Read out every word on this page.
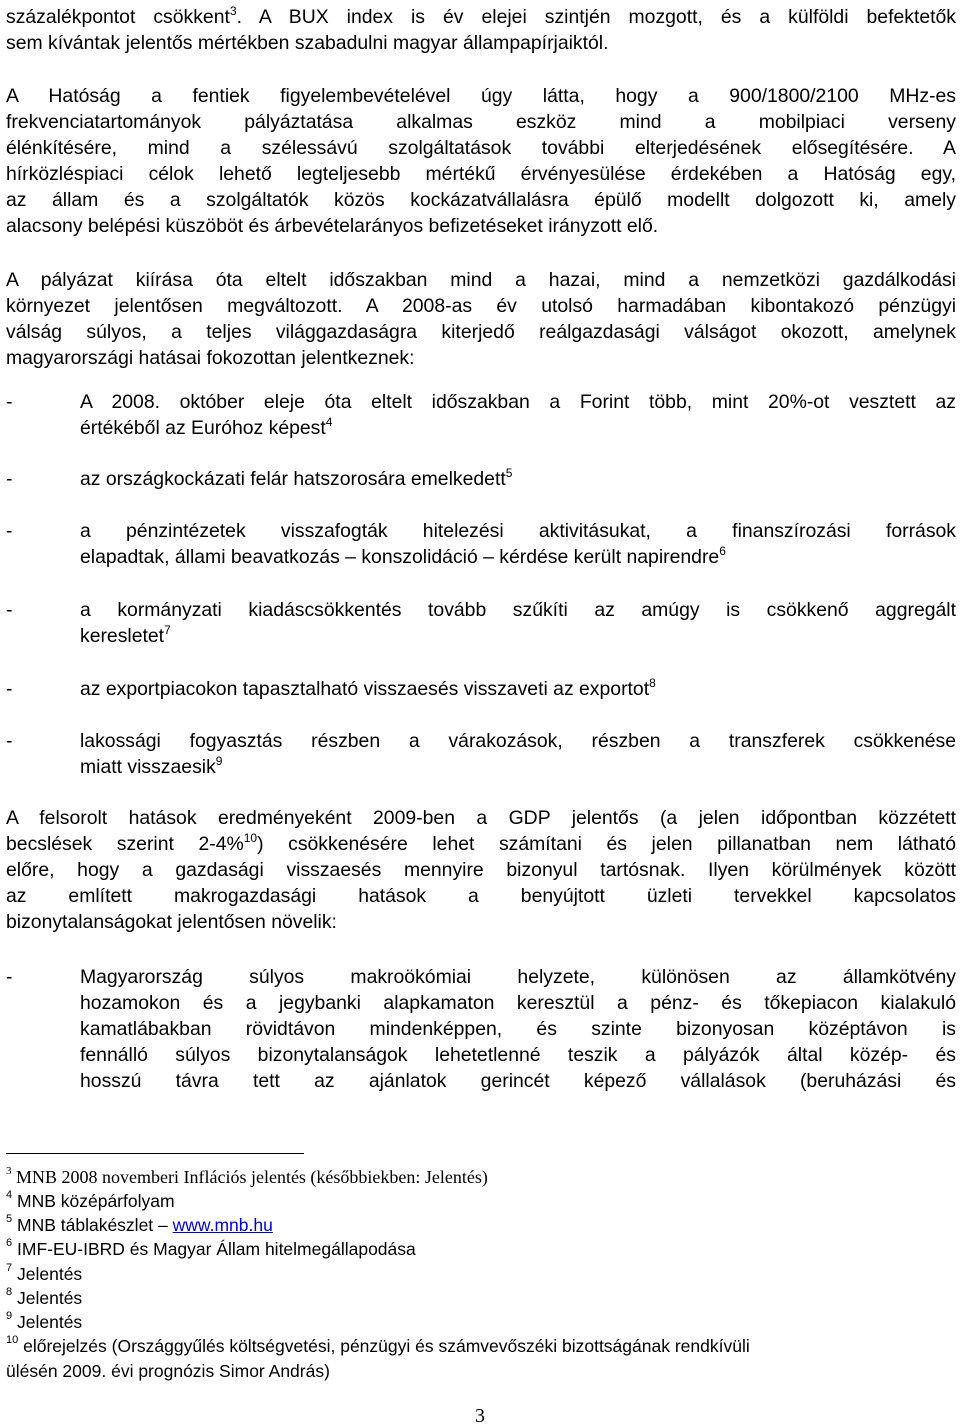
százalékpontot csökkent$^3$. A BUX index is év elejei szintjén mozgott, és a külföldi befektetők

sem kívántak jelentős mértékben szabadulni magyar állampapírjaiktól.

A Hatóság a fentiek figyelembevételével úgy látta, hogy a 900/1800/2100 MHz-es

frekvenciatartományok pályáztatása alkalmas eszköz mind a mobilpiaci verseny

élénkítésére, mind a szélessávú szolgáltatások további elterjedésének elősegítésére. A

hírközléspiaci célok lehető legteljesebb mértékű érvényesülése érdekében a Hatóság egy,

az állam és a szolgáltatók közös kockázatvállalásra épülő modellt dolgozott ki, amely

alacsony belépési küszöböt és árbevételarányos befizetéseket irányzott elő.

A pályázat kiírása óta eltelt időszakban mind a hazai, mind a nemzetközi gazdálkodási

környezet jelentősen megváltozott. A 2008-as év utolsó harmadában kibontakozó pénzügyi

válság súlyos, a teljes világgazdaságra kiterjedő reálgazdasági válságot okozott, amelynek

magyarországi hatásai fokozottan jelentkeznek:

-	A 2008. október eleje óta eltelt időszakban a Forint több, mint 20%-ot vesztett az

értékéből az Euróhoz képest$^4$

-	az országkockázati felár hatszorosára emelkedett$^5$

-	a pénzintézetek visszafogták hitelezési aktivitásukat, a finanszírozási források

elapadtak, állami beavatkozás – konszolidáció – kérdése került napirendre$^6$

-	a kormányzati kiadáscsökkentés tovább szűkíti az amúgy is csökkenő aggregált

keresletet$^7$

-	az exportpiacokon tapasztalható visszaesés visszaveti az exportot$^8$

-	lakossági fogyasztás részben a várakozások, részben a transzferek csökkenése

miatt visszaesik$^9$

A felsorolt hatások eredményeként 2009-ben a GDP jelentős (a jelen időpontban közzétett

becslések szerint 2-4%$^{10}$) csökkenésére lehet számítani és jelen pillanatban nem látható

előre, hogy a gazdasági visszaesés mennyire bizonyul tartósnak. Ilyen körülmények között

az említett makrogazdasági hatások a benyújtott üzleti tervekkel kapcsolatos

bizonytalanságokat jelentősen növelik:

-	Magyarország súlyos makroökómiai helyzete, különösen az államkötvény

hozamokon és a jegybanki alapkamaton keresztül a pénz- és tőkepiacon kialakuló

kamatlábakban rövidtávon mindenképpen, és szinte bizonyosan középtávon is

fennálló súlyos bizonytalanságok lehetetlenné teszik a pályázók által közép- és

hosszú távra tett az ajánlatok gerincét képező vállalások (beruházási és

$^3$ MNB 2008 novemberi Inflációs jelentés (későbbiekben: Jelentés)

$^4$ MNB középárfolyam

$^5$ MNB táblakészlet – www.mnb.hu

$^6$ IMF-EU-IBRD és Magyar Állam hitelmegállapodása

$^7$ Jelentés

$^8$ Jelentés

$^9$ Jelentés

$^{10}$ előrejelzés (Országgyűlés költségvetési, pénzügyi és számvevőszéki bizottságának rendkívüli

ülésén 2009. évi prognózis Simor András)

3
